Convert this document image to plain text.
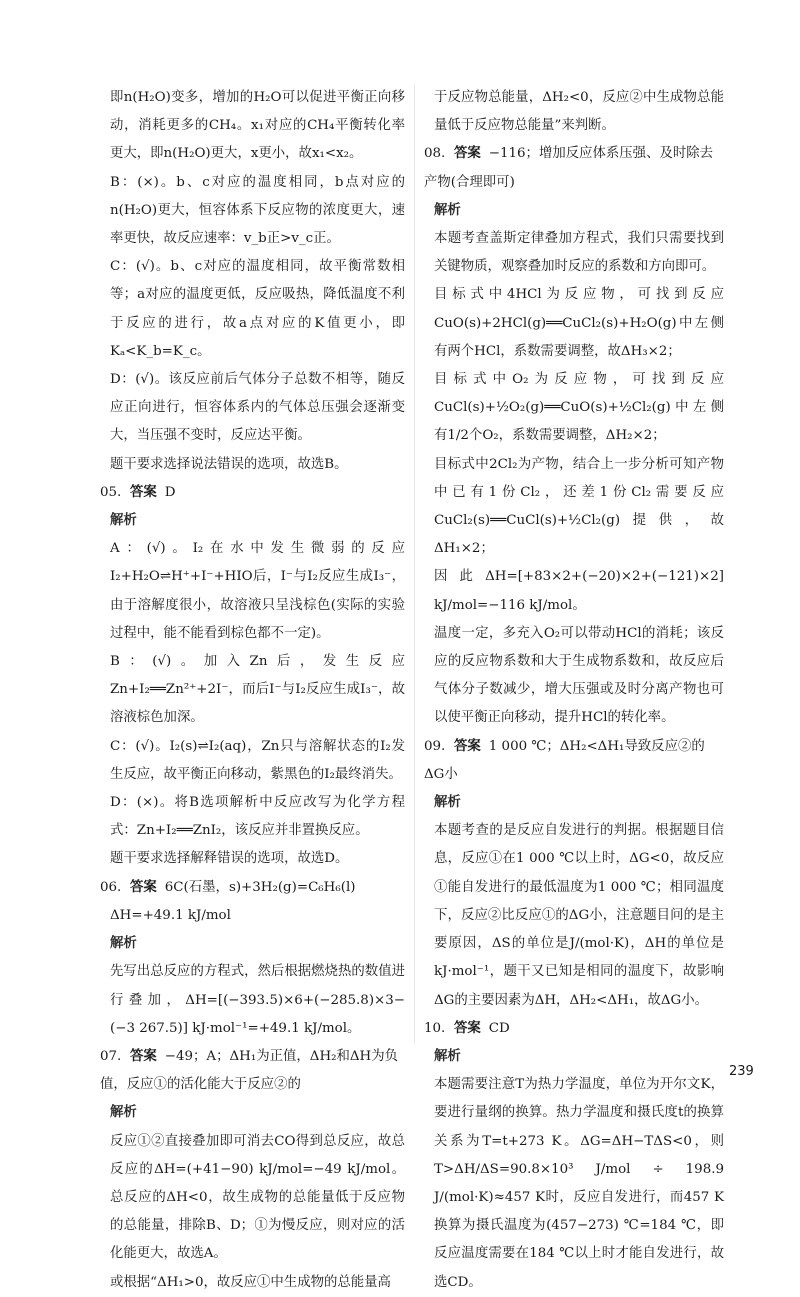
即n(H₂O)变多，增加的H₂O可以促进平衡正向移动，消耗更多的CH₄。x₁对应的CH₄平衡转化率更大，即n(H₂O)更大，x更小，故x₁<x₂。

B：(×)。b、c对应的温度相同，b点对应的n(H₂O)更大，恒容体系下反应物的浓度更大，速率更快，故反应速率：v_b正>v_c正。

C：(√)。b、c对应的温度相同，故平衡常数相等；a对应的温度更低，反应吸热，降低温度不利于反应的进行，故a点对应的K值更小，即Kₐ<K_b=K_c。

D：(√)。该反应前后气体分子总数不相等，随反应正向进行，恒容体系内的气体总压强会逐渐变大，当压强不变时，反应达平衡。

题干要求选择说法错误的选项，故选B。

05. 答案 D

解析

A：(√)。I₂在水中发生微弱的反应I₂+H₂O⇌H⁺+I⁻+HIO后，I⁻与I₂反应生成I₃⁻，由于溶解度很小，故溶液只呈浅棕色(实际的实验过程中，能不能看到棕色都不一定)。

B：(√)。加入Zn后，发生反应Zn+I₂══Zn²⁺+2I⁻，而后I⁻与I₂反应生成I₃⁻，故溶液棕色加深。

C：(√)。I₂(s)⇌I₂(aq)，Zn只与溶解状态的I₂发生反应，故平衡正向移动，紫黑色的I₂最终消失。

D：(×)。将B选项解析中反应改写为化学方程式：Zn+I₂══ZnI₂，该反应并非置换反应。

题干要求选择解释错误的选项，故选D。

06. 答案 6C(石墨，s)+3H₂(g)=C₆H₆(l)

ΔH=+49.1 kJ/mol

解析

先写出总反应的方程式，然后根据燃烧热的数值进行叠加，ΔH=[(−393.5)×6+(−285.8)×3−(−3 267.5)] kJ·mol⁻¹=+49.1 kJ/mol。

07. 答案 −49；A；ΔH₁为正值，ΔH₂和ΔH为负值，反应①的活化能大于反应②的

解析

反应①②直接叠加即可消去CO得到总反应，故总反应的ΔH=(+41−90) kJ/mol=−49 kJ/mol。总反应的ΔH<0，故生成物的总能量低于反应物的总能量，排除B、D；①为慢反应，则对应的活化能更大，故选A。

或根据“ΔH₁>0，故反应①中生成物的总能量高

于反应物总能量，ΔH₂<0，反应②中生成物总能量低于反应物总能量”来判断。

08. 答案 −116；增加反应体系压强、及时除去产物(合理即可)

解析

本题考查盖斯定律叠加方程式，我们只需要找到关键物质，观察叠加时反应的系数和方向即可。

目标式中4HCl为反应物，可找到反应CuO(s)+2HCl(g)══CuCl₂(s)+H₂O(g)中左侧有两个HCl，系数需要调整，故ΔH₃×2；

目标式中O₂为反应物，可找到反应CuCl(s)+½O₂(g)══CuO(s)+½Cl₂(g)中左侧有1/2个O₂，系数需要调整，ΔH₂×2；

目标式中2Cl₂为产物，结合上一步分析可知产物中已有1份Cl₂，还差1份Cl₂需要反应CuCl₂(s)══CuCl(s)+½Cl₂(g)提供，故ΔH₁×2；

因此ΔH=[+83×2+(−20)×2+(−121)×2] kJ/mol=−116 kJ/mol。

温度一定，多充入O₂可以带动HCl的消耗；该反应的反应物系数和大于生成物系数和，故反应后气体分子数减少，增大压强或及时分离产物也可以使平衡正向移动，提升HCl的转化率。

09. 答案 1 000 ℃；ΔH₂<ΔH₁导致反应②的ΔG小

解析

本题考查的是反应自发进行的判据。根据题目信息，反应①在1 000 ℃以上时，ΔG<0，故反应①能自发进行的最低温度为1 000 ℃；相同温度下，反应②比反应①的ΔG小，注意题目问的是主要原因，ΔS的单位是J/(mol·K)，ΔH的单位是kJ·mol⁻¹，题干又已知是相同的温度下，故影响ΔG的主要因素为ΔH，ΔH₂<ΔH₁，故ΔG小。

10. 答案 CD

解析

本题需要注意T为热力学温度，单位为开尔文K，要进行量纲的换算。热力学温度和摄氏度t的换算关系为T=t+273 K。ΔG=ΔH−TΔS<0，则T>ΔH/ΔS=90.8×10³ J/mol ÷ 198.9 J/(mol·K)≈457 K时，反应自发进行，而457 K换算为摄氏温度为(457−273) ℃=184 ℃，即反应温度需要在184 ℃以上时才能自发进行，故选CD。

239
